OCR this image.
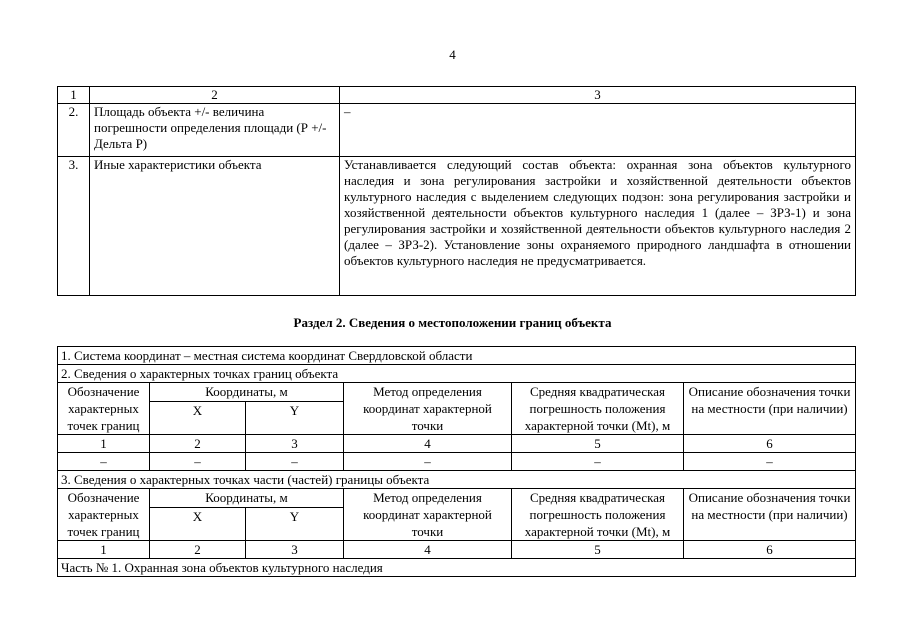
4
1	2	3
2.	Площадь объекта +/- величина погрешности определения площади (Р +/- Дельта Р)	–
3.	Иные характеристики объекта	Устанавливается следующий состав объекта: охранная зона объектов культурного наследия и зона регулирования застройки и хозяйственной деятельности объектов культурного наследия с выделением следующих подзон: зона регулирования застройки и хозяйственной деятельности объектов культурного наследия 1 (далее – ЗРЗ-1) и зона регулирования застройки и хозяйственной деятельности объектов культурного наследия 2 (далее – ЗРЗ-2). Установление зоны охраняемого природного ландшафта в отношении объектов культурного наследия не предусматривается.
Раздел 2. Сведения о местоположении границ объекта
1. Система координат – местная система координат Свердловской области					
2. Сведения о характерных точках границ объекта					
Обозначение характерных точек границ	Координаты, м		Метод определения координат характерной точки	Средняя квадратическая погрешность положения характерной точки (Mt), м	Описание обозначения точки на местности (при наличии)
	X	Y			
1	2	3	4	5	6
–	–	–	–	–	–
3. Сведения о характерных точках части (частей) границы объекта					
Обозначение характерных точек границ	Координаты, м		Метод определения координат характерной точки	Средняя квадратическая погрешность положения характерной точки (Mt), м	Описание обозначения точки на местности (при наличии)
	X	Y			
1	2	3	4	5	6
Часть № 1. Охранная зона объектов культурного наследия					
